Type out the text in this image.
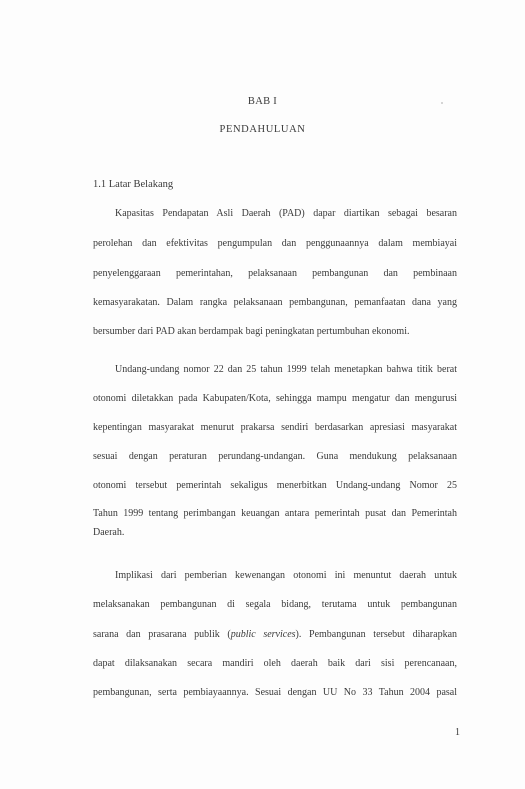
BAB I
PENDAHULUAN
1.1 Latar Belakang
Kapasitas Pendapatan Asli Daerah (PAD) dapar diartikan sebagai besaran
perolehan dan efektivitas pengumpulan dan penggunaannya dalam membiayai
penyelenggaraan pemerintahan, pelaksanaan pembangunan dan pembinaan
kemasyarakatan. Dalam rangka pelaksanaan pembangunan, pemanfaatan dana yang
bersumber dari PAD akan berdampak bagi peningkatan pertumbuhan ekonomi.
Undang-undang nomor 22 dan 25 tahun 1999 telah menetapkan bahwa titik berat
otonomi diletakkan pada Kabupaten/Kota, sehingga mampu mengatur dan mengurusi
kepentingan masyarakat menurut prakarsa sendiri berdasarkan apresiasi masyarakat
sesuai dengan peraturan perundang-undangan. Guna mendukung pelaksanaan
otonomi tersebut pemerintah sekaligus menerbitkan Undang-undang Nomor 25
Tahun 1999 tentang perimbangan keuangan antara pemerintah pusat dan Pemerintah
Daerah.
Implikasi dari pemberian kewenangan otonomi ini menuntut daerah untuk
melaksanakan pembangunan di segala bidang, terutama untuk pembangunan
sarana dan prasarana publik (public services). Pembangunan tersebut diharapkan
dapat dilaksanakan secara mandiri oleh daerah baik dari sisi perencanaan,
pembangunan, serta pembiayaannya. Sesuai dengan UU No 33 Tahun 2004 pasal
1
